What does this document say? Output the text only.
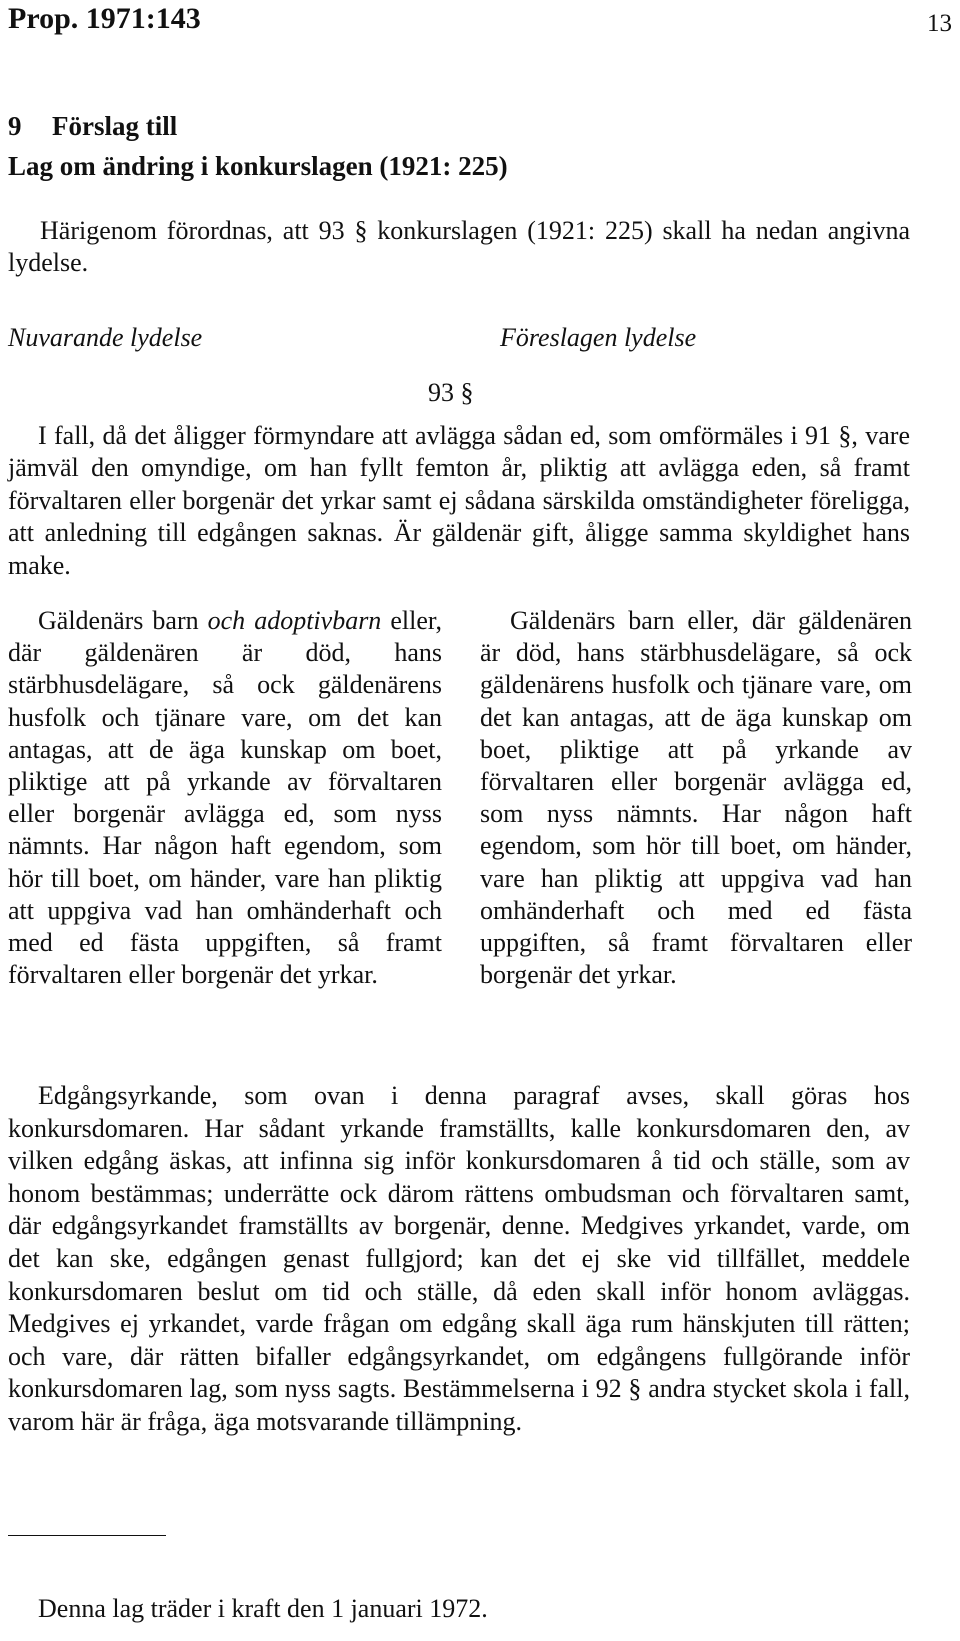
Prop. 1971:143	13
9 Förslag till
Lag om ändring i konkurslagen (1921: 225)

Härigenom förordnas, att 93 § konkurslagen (1921: 225) skall ha nedan angivna lydelse.

Nuvarande lydelse	Föreslagen lydelse

93 §

I fall, då det åligger förmyndare att avlägga sådan ed, som omförmäles i 91 §, vare jämväl den omyndige, om han fyllt femton år, pliktig att avlägga eden, så framt förvaltaren eller borgenär det yrkar samt ej sådana särskilda omständigheter föreligga, att anledning till edgången saknas. Är gäldenär gift, åligge samma skyldighet hans make.

Gäldenärs barn och adoptivbarn eller, där gäldenären är död, hans stärbhusdelägare, så ock gäldenärens husfolk och tjänare vare, om det kan antagas, att de äga kunskap om boet, pliktige att på yrkande av förvaltaren eller borgenär avlägga ed, som nyss nämnts. Har någon haft egendom, som hör till boet, om händer, vare han pliktig att uppgiva vad han omhänderhaft och med ed fästa uppgiften, så framt förvaltaren eller borgenär det yrkar.

Gäldenärs barn eller, där gäldenären är död, hans stärbhusdelägare, så ock gäldenärens husfolk och tjänare vare, om det kan antagas, att de äga kunskap om boet, pliktige att på yrkande av förvaltaren eller borgenär avlägga ed, som nyss nämnts. Har någon haft egendom, som hör till boet, om händer, vare han pliktig att uppgiva vad han omhänderhaft och med ed fästa uppgiften, så framt förvaltaren eller borgenär det yrkar.

Edgångsyrkande, som ovan i denna paragraf avses, skall göras hos konkursdomaren. Har sådant yrkande framställts, kalle konkursdomaren den, av vilken edgång äskas, att infinna sig inför konkursdomaren å tid och ställe, som av honom bestämmas; underrätte ock därom rättens ombudsman och förvaltaren samt, där edgångsyrkandet framställts av borgenär, denne. Medgives yrkandet, varde, om det kan ske, edgången genast fullgjord; kan det ej ske vid tillfället, meddele konkursdomaren beslut om tid och ställe, då eden skall inför honom avläggas. Medgives ej yrkandet, varde frågan om edgång skall äga rum hänskjuten till rätten; och vare, där rätten bifaller edgångsyrkandet, om edgångens fullgörande inför konkursdomaren lag, som nyss sagts. Bestämmelserna i 92 § andra stycket skola i fall, varom här är fråga, äga motsvarande tillämpning.

Denna lag träder i kraft den 1 januari 1972.
